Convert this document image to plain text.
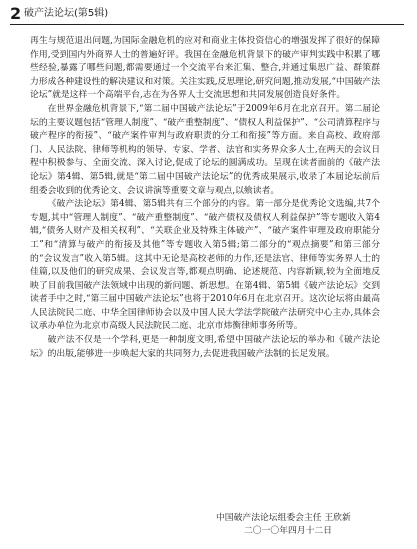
2 破产法论坛(第5辑)

再生与规范退出问题,为国际金融危机的应对和商业主体投资信心的增强发挥了很好的保障作用,受到国内外商界人士的普遍好评。我国在金融危机背景下的破产审判实践中积累了哪些经验,暴露了哪些问题,都需要通过一个交流平台来汇集、整合,并通过集思广益、群策群力形成各种建设性的解决建议和对策。关注实践,反思理论,研究问题,推动发展,“中国破产法论坛”就是这样一个高端平台,志在为各界人士交流思想和共同发展创造良好条件。

在世界金融危机背景下,“第二届中国破产法论坛”于2009年6月在北京召开。第二届论坛的主要议题包括“管理人制度”、“破产重整制度”、“债权人利益保护”、“公司清算程序与破产程序的衔接”、“破产案件审判与政府职责的分工和衔接”等方面。来自高校、政府部门、人民法院、律师等机构的领导、专家、学者、法官和实务界众多人士,在两天的会议日程中积极参与、全面交流、深入讨论,促成了论坛的圆满成功。呈现在读者面前的《破产法论坛》第4辑、第5辑,就是“第二届中国破产法论坛”的优秀成果展示,收录了本届论坛前后组委会收到的优秀论文、会议讲演等重要文章与观点,以飨读者。

《破产法论坛》第4辑、第5辑共有三个部分的内容。第一部分是优秀论文选编,共7个专题,其中“管理人制度”、“破产重整制度”、“破产债权及债权人利益保护”等专题收入第4辑,“债务人财产及相关权利”、“关联企业及特殊主体破产”、“破产案件审理及政府职能分工”和“清算与破产的衔接及其他”等专题收入第5辑;第二部分的“观点摘要”和第三部分的“会议发言”收入第5辑。这其中无论是高校老师的力作,还是法官、律师等实务界人士的佳篇,以及他们的研究成果、会议发言等,都观点明确、论述规范、内容新颖,较为全面地反映了目前我国破产法领域中出现的新问题、新思想。在第4辑、第5辑《破产法论坛》交到读者手中之时,“第三届中国破产法论坛”也将于2010年6月在北京召开。这次论坛将由最高人民法院民二庭、中华全国律师协会以及中国人民大学法学院破产法研究中心主办,具体会议承办单位为北京市高级人民法院民二庭、北京市炜衡律师事务所等。

破产法不仅是一个学科,更是一种制度文明,希望中国破产法论坛的举办和《破产法论坛》的出版,能够进一步唤起大家的共同努力,去促进我国破产法制的长足发展。

中国破产法论坛组委会主任 王欣新
二〇一〇年四月十二日
